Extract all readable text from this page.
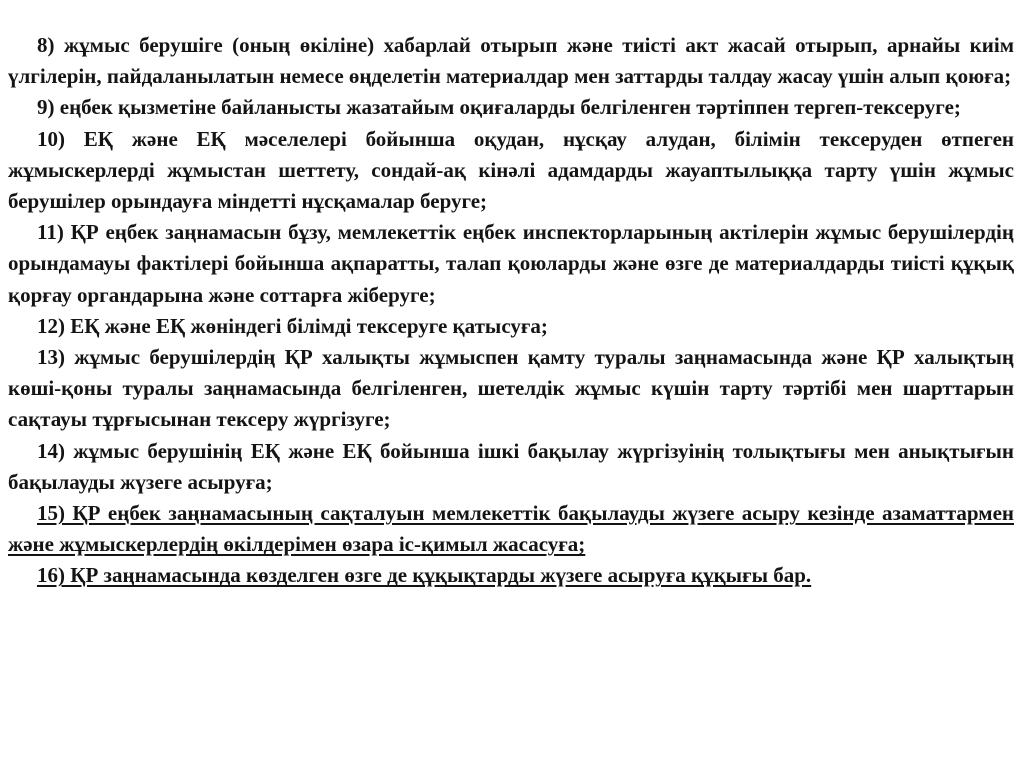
8) жұмыс берушіге (оның өкiлiне) хабарлай отырып және тиiстi акт жасай отырып, арнайы киiм үлгiлерiн, пайдаланылатын немесе өңделетiн материалдар мен заттарды талдау жасау үшiн алып қоюға;

9) еңбек қызметiне байланысты жазатайым оқиғаларды белгiленген тәртiппен тергеп-тексеруге;

10) ЕҚ және ЕҚ мәселелерi бойынша оқудан, нұсқау алудан, бiлiмiн тексеруден өтпеген жұмыскерлердi жұмыстан шеттету, сондай-ақ кiнәлi адамдарды жауаптылыққа тарту үшiн жұмыс берушiлер орындауға мiндеттi нұсқамалар беруге;

11) ҚР еңбек заңнамасын бұзу, мемлекеттiк еңбек инспекторларының актiлерiн жұмыс берушiлердiң орындамауы фактiлерi бойынша ақпаратты, талап қоюларды және өзге де материалдарды тиiстi құқық қорғау органдарына және соттарға жiберуге;

12) ЕҚ және ЕҚ жөнiндегi бiлiмдi тексеруге қатысуға;

13) жұмыс берушiлердiң ҚР халықты жұмыспен қамту туралы заңнамасында және ҚР халықтың көшi-қоны туралы заңнамасында белгiленген, шетелдiк жұмыс күшiн тарту тәртiбi мен шарттарын сақтауы тұрғысынан тексеру жүргiзуге;

14) жұмыс берушiнiң ЕҚ және ЕҚ бойынша iшкi бақылау жүргiзуiнiң толықтығы мен анықтығын бақылауды жүзеге асыруға;

15) ҚР еңбек заңнамасының сақталуын мемлекеттiк бақылауды жүзеге асыру кезiнде азаматтармен және жұмыскерлердiң өкiлдерiмен өзара iс-қимыл жасасуға;

16) ҚР заңнамасында көзделген өзге де құқықтарды жүзеге асыруға құқығы бар.
